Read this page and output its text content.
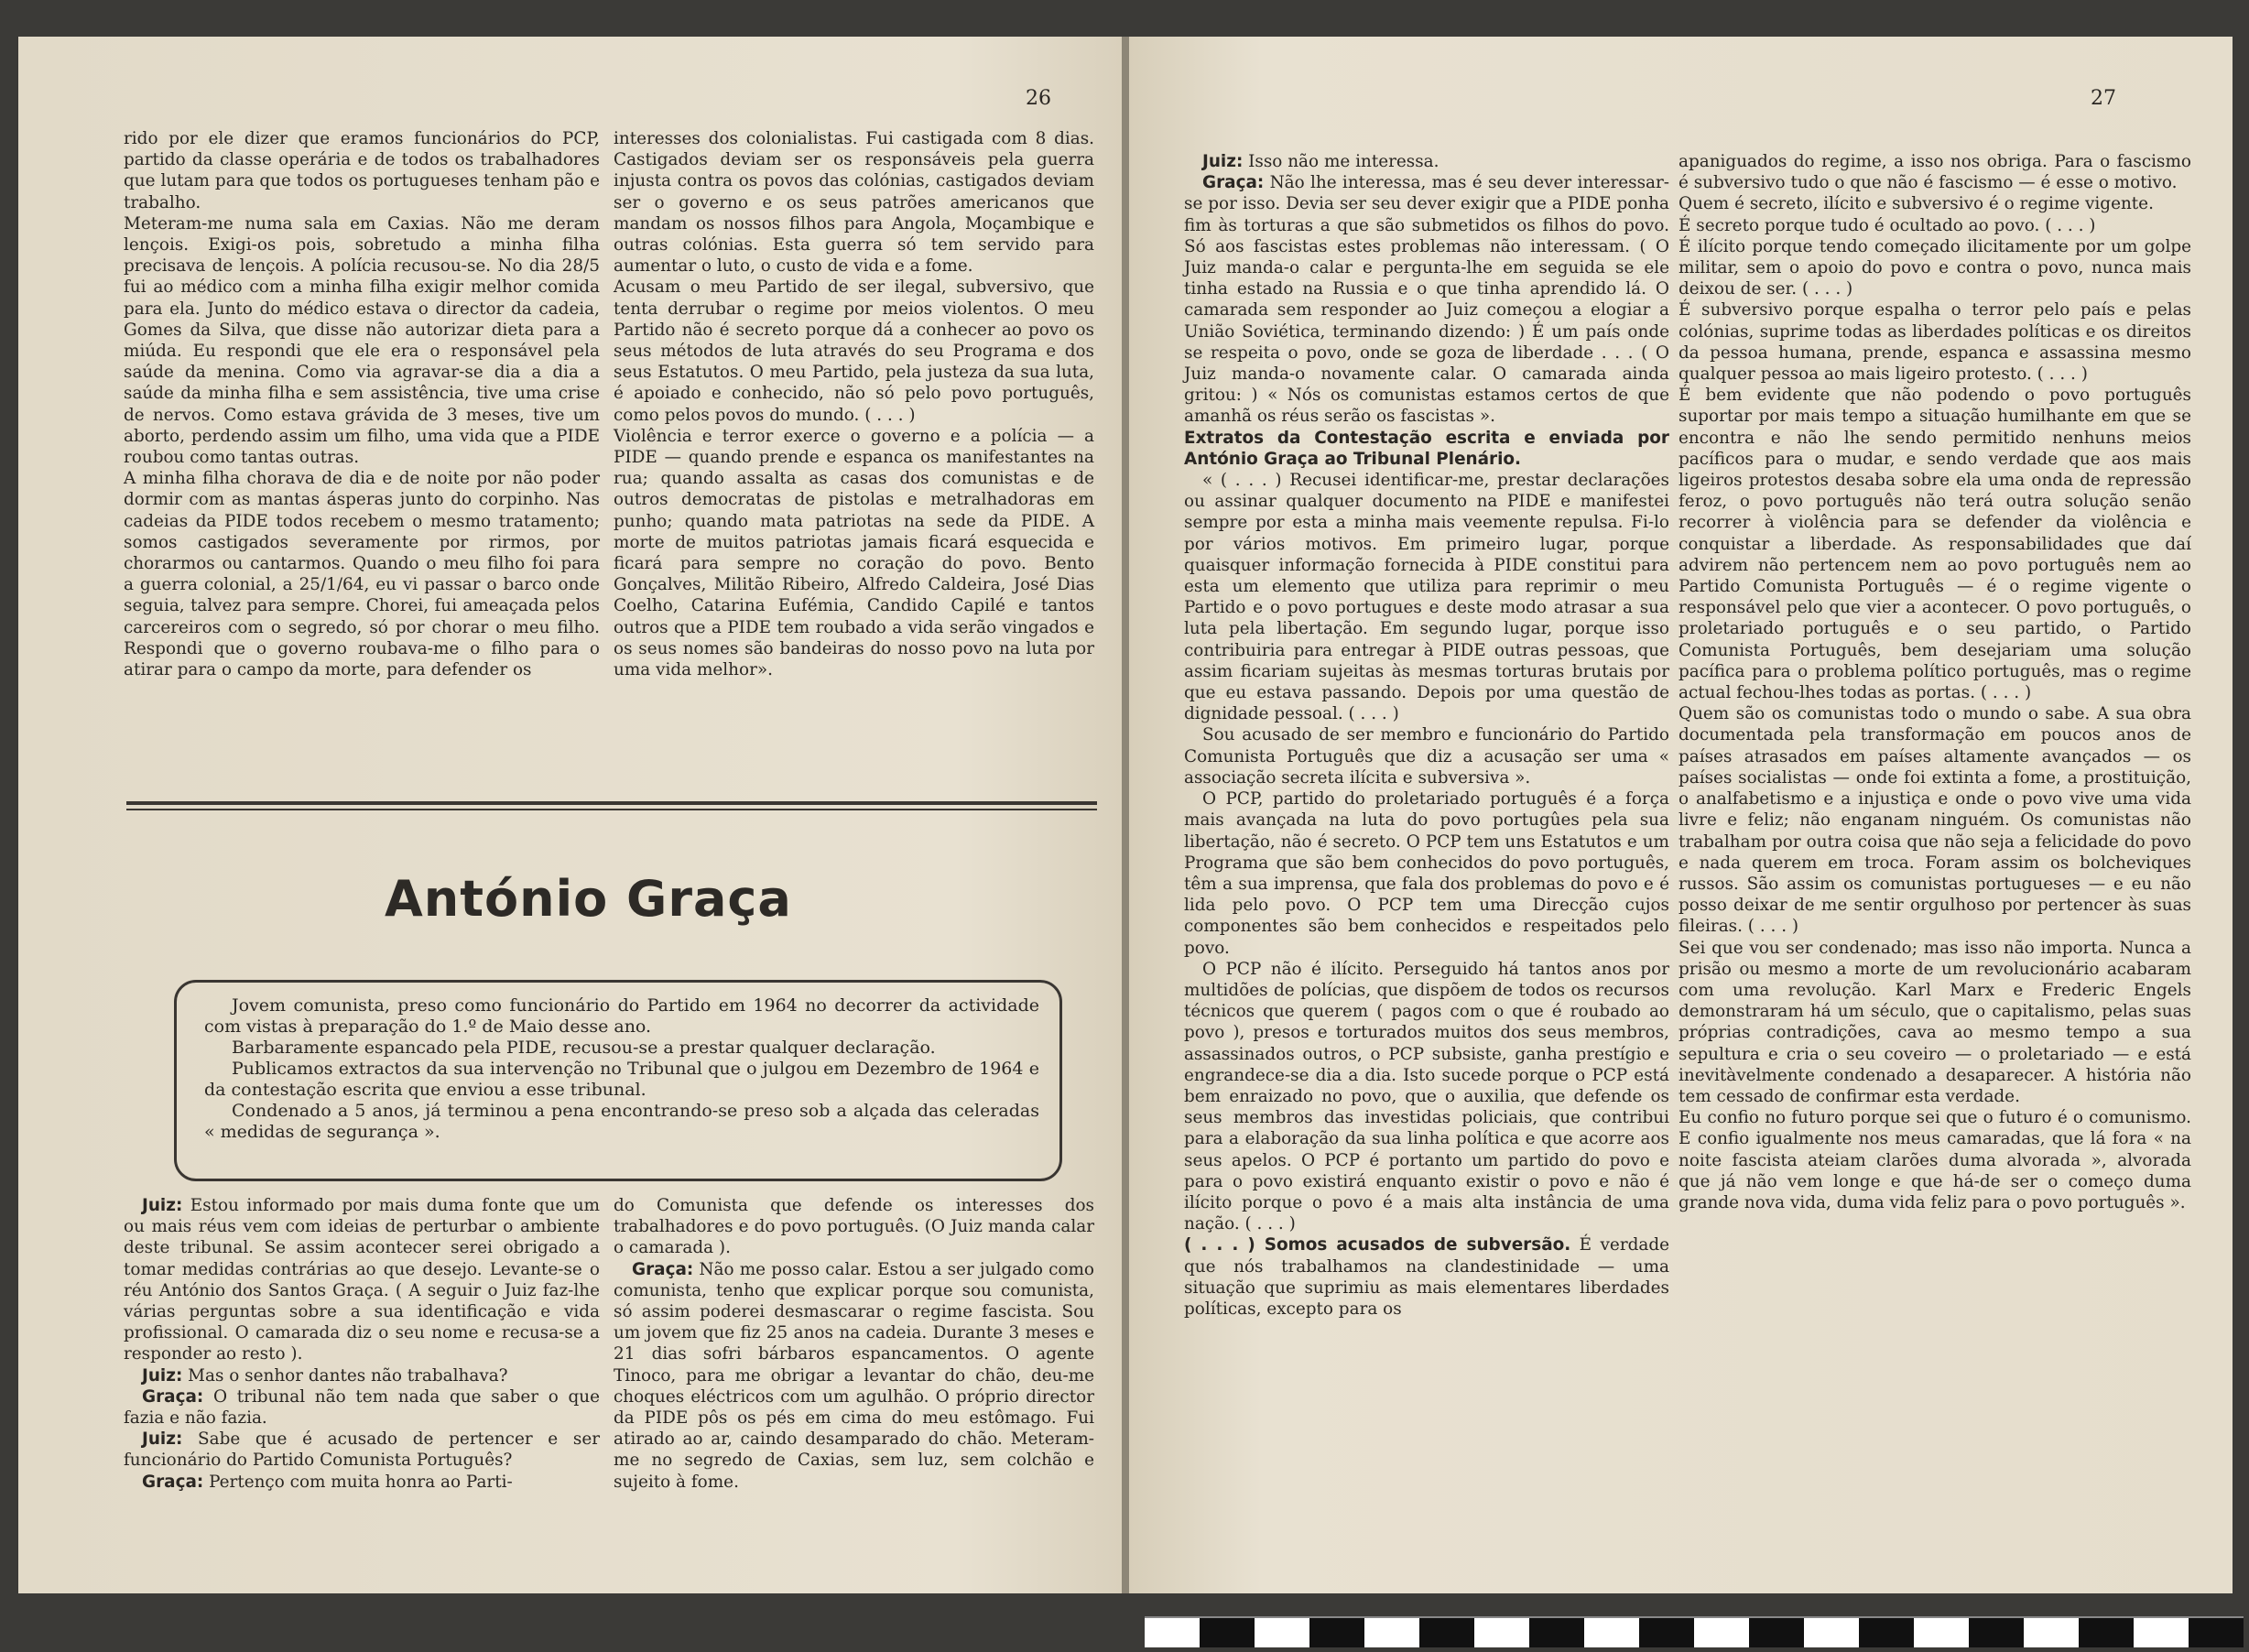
26
rido por ele dizer que eramos funcionários do PCP, partido da classe operária e de todos os trabalhadores que lutam para que todos os portugueses tenham pão e trabalho.
Meteram-me numa sala em Caxias. Não me deram lençois. Exigi-os pois, sobretudo a minha filha precisava de lençois. A polícia recusou-se. No dia 28/5 fui ao médico com a minha filha exigir melhor comida para ela. Junto do médico estava o director da cadeia, Gomes da Silva, que disse não autorizar dieta para a miúda. Eu respondi que ele era o responsável pela saúde da menina. Como via agravar-se dia a dia a saúde da minha filha e sem assistência, tive uma crise de nervos. Como estava grávida de 3 meses, tive um aborto, perdendo assim um filho, uma vida que a PIDE roubou como tantas outras.
A minha filha chorava de dia e de noite por não poder dormir com as mantas ásperas junto do corpinho. Nas cadeias da PIDE todos recebem o mesmo tratamento; somos castigados severamente por rirmos, por chorarmos ou cantarmos. Quando o meu filho foi para a guerra colonial, a 25/1/64, eu vi passar o barco onde seguia, talvez para sempre. Chorei, fui ameaçada pelos carcereiros com o segredo, só por chorar o meu filho. Respondi que o governo roubava-me o filho para o atirar para o campo da morte, para defender os
interesses dos colonialistas. Fui castigada com 8 dias. Castigados deviam ser os responsáveis pela guerra injusta contra os povos das colónias, castigados deviam ser o governo e os seus patrões americanos que mandam os nossos filhos para Angola, Moçambique e outras colónias. Esta guerra só tem servido para aumentar o luto, o custo de vida e a fome.
Acusam o meu Partido de ser ilegal, subversivo, que tenta derrubar o regime por meios violentos. O meu Partido não é secreto porque dá a conhecer ao povo os seus métodos de luta através do seu Programa e dos seus Estatutos. O meu Partido, pela justeza da sua luta, é apoiado e conhecido, não só pelo povo português, como pelos povos do mundo. ( . . . )
Violência e terror exerce o governo e a polícia — a PIDE — quando prende e espanca os manifestantes na rua; quando assalta as casas dos comunistas e de outros democratas de pistolas e metralhadoras em punho; quando mata patriotas na sede da PIDE. A morte de muitos patriotas jamais ficará esquecida e ficará para sempre no coração do povo. Bento Gonçalves, Militão Ribeiro, Alfredo Caldeira, José Dias Coelho, Catarina Eufémia, Candido Capilé e tantos outros que a PIDE tem roubado a vida serão vingados e os seus nomes são bandeiras do nosso povo na luta por uma vida melhor».
António Graça

Jovem comunista, preso como funcionário do Partido em 1964 no decorrer da actividade com vistas à preparação do 1.º de Maio desse ano.

Barbaramente espancado pela PIDE, recusou-se a prestar qualquer declaração.

Publicamos extractos da sua intervenção no Tribunal que o julgou em Dezembro de 1964 e da contestação escrita que enviou a esse tribunal.

Condenado a 5 anos, já terminou a pena encontrando-se preso sob a alçada das celeradas « medidas de segurança ».

Juiz: Estou informado por mais duma fonte que um ou mais réus vem com ideias de perturbar o ambiente deste tribunal. Se assim acontecer serei obrigado a tomar medidas contrárias ao que desejo. Levante-se o réu António dos Santos Graça. ( A seguir o Juiz faz-lhe várias perguntas sobre a sua identificação e vida profissional. O camarada diz o seu nome e recusa-se a responder ao resto ).

Juiz: Mas o senhor dantes não trabalhava?

Graça: O tribunal não tem nada que saber o que fazia e não fazia.

Juiz: Sabe que é acusado de pertencer e ser funcionário do Partido Comunista Português?

Graça: Pertenço com muita honra ao Parti-

do Comunista que defende os interesses dos trabalhadores e do povo português. (O Juiz manda calar o camarada ).

Graça: Não me posso calar. Estou a ser julgado como comunista, tenho que explicar porque sou comunista, só assim poderei desmascarar o regime fascista. Sou um jovem que fiz 25 anos na cadeia. Durante 3 meses e 21 dias sofri bárbaros espancamentos. O agente Tinoco, para me obrigar a levantar do chão, deu-me choques eléctricos com um agulhão. O próprio director da PIDE pôs os pés em cima do meu estômago. Fui atirado ao ar, caindo desamparado do chão. Meteram-me no segredo de Caxias, sem luz, sem colchão e sujeito à fome.

27

Juiz: Isso não me interessa.

Graça: Não lhe interessa, mas é seu dever interessar-se por isso. Devia ser seu dever exigir que a PIDE ponha fim às torturas a que são submetidos os filhos do povo. Só aos fascistas estes problemas não interessam. ( O Juiz manda-o calar e pergunta-lhe em seguida se ele tinha estado na Russia e o que tinha aprendido lá. O camarada sem responder ao Juiz começou a elogiar a União Soviética, terminando dizendo: ) É um país onde se respeita o povo, onde se goza de liberdade . . . ( O Juiz manda-o novamente calar. O camarada ainda gritou: ) « Nós os comunistas estamos certos de que amanhã os réus serão os fascistas ».

Extratos da Contestação escrita e enviada por António Graça ao Tribunal Plenário.

« ( . . . ) Recusei identificar-me, prestar declarações ou assinar qualquer documento na PIDE e manifestei sempre por esta a minha mais veemente repulsa. Fi-lo por vários motivos. Em primeiro lugar, porque quaisquer informação fornecida à PIDE constitui para esta um elemento que utiliza para reprimir o meu Partido e o povo portugues e deste modo atrasar a sua luta pela libertação. Em segundo lugar, porque isso contribuiria para entregar à PIDE outras pessoas, que assim ficariam sujeitas às mesmas torturas brutais por que eu estava passando. Depois por uma questão de dignidade pessoal. ( . . . )

Sou acusado de ser membro e funcionário do Partido Comunista Português que diz a acusação ser uma « associação secreta ilícita e subversiva ».

O PCP, partido do proletariado português é a força mais avançada na luta do povo portugûes pela sua libertação, não é secreto. O PCP tem uns Estatutos e um Programa que são bem conhecidos do povo português, têm a sua imprensa, que fala dos problemas do povo e é lida pelo povo. O PCP tem uma Direcção cujos componentes são bem conhecidos e respeitados pelo povo.

O PCP não é ilícito. Perseguido há tantos anos por multidões de polícias, que dispõem de todos os recursos técnicos que querem ( pagos com o que é roubado ao povo ), presos e torturados muitos dos seus membros, assassinados outros, o PCP subsiste, ganha prestígio e engrandece-se dia a dia. Isto sucede porque o PCP está bem enraizado no povo, que o auxilia, que defende os seus membros das investidas policiais, que contribui para a elaboração da sua linha política e que acorre aos seus apelos. O PCP é portanto um partido do povo e para o povo existirá enquanto existir o povo e não é ilícito porque o povo é a mais alta instância de uma nação. ( . . . )

( . . . ) Somos acusados de subversão. É verdade que nós trabalhamos na clandestinidade — uma situação que suprimiu as mais elementares liberdades políticas, excepto para os

apaniguados do regime, a isso nos obriga. Para o fascismo é subversivo tudo o que não é fascismo — é esse o motivo.
Quem é secreto, ilícito e subversivo é o regime vigente.
É secreto porque tudo é ocultado ao povo. ( . . . )
É ilícito porque tendo começado ilicitamente por um golpe militar, sem o apoio do povo e contra o povo, nunca mais deixou de ser. ( . . . )
É subversivo porque espalha o terror pelo país e pelas colónias, suprime todas as liberdades políticas e os direitos da pessoa humana, prende, espanca e assassina mesmo qualquer pessoa ao mais ligeiro protesto. ( . . . )
É bem evidente que não podendo o povo português suportar por mais tempo a situação humilhante em que se encontra e não lhe sendo permitido nenhuns meios pacíficos para o mudar, e sendo verdade que aos mais ligeiros protestos desaba sobre ela uma onda de repressão feroz, o povo português não terá outra solução senão recorrer à violência para se defender da violência e conquistar a liberdade. As responsabilidades que daí advirem não pertencem nem ao povo português nem ao Partido Comunista Português — é o regime vigente o responsável pelo que vier a acontecer. O povo português, o proletariado português e o seu partido, o Partido Comunista Português, bem desejariam uma solução pacífica para o problema político português, mas o regime actual fechou-lhes todas as portas. ( . . . )
Quem são os comunistas todo o mundo o sabe. A sua obra documentada pela transformação em poucos anos de países atrasados em países altamente avançados — os países socialistas — onde foi extinta a fome, a prostituição, o analfabetismo e a injustiça e onde o povo vive uma vida livre e feliz; não enganam ninguém. Os comunistas não trabalham por outra coisa que não seja a felicidade do povo e nada querem em troca. Foram assim os bolcheviques russos. São assim os comunistas portugueses — e eu não posso deixar de me sentir orgulhoso por pertencer às suas fileiras. ( . . . )
Sei que vou ser condenado; mas isso não importa. Nunca a prisão ou mesmo a morte de um revolucionário acabaram com uma revolução. Karl Marx e Frederic Engels demonstraram há um século, que o capitalismo, pelas suas próprias contradições, cava ao mesmo tempo a sua sepultura e cria o seu coveiro — o proletariado — e está inevitàvelmente condenado a desaparecer. A história não tem cessado de confirmar esta verdade.
Eu confio no futuro porque sei que o futuro é o comunismo. E confio igualmente nos meus camaradas, que lá fora « na noite fascista ateiam clarões duma alvorada », alvorada que já não vem longe e que há-de ser o começo duma grande nova vida, duma vida feliz para o povo português ».
